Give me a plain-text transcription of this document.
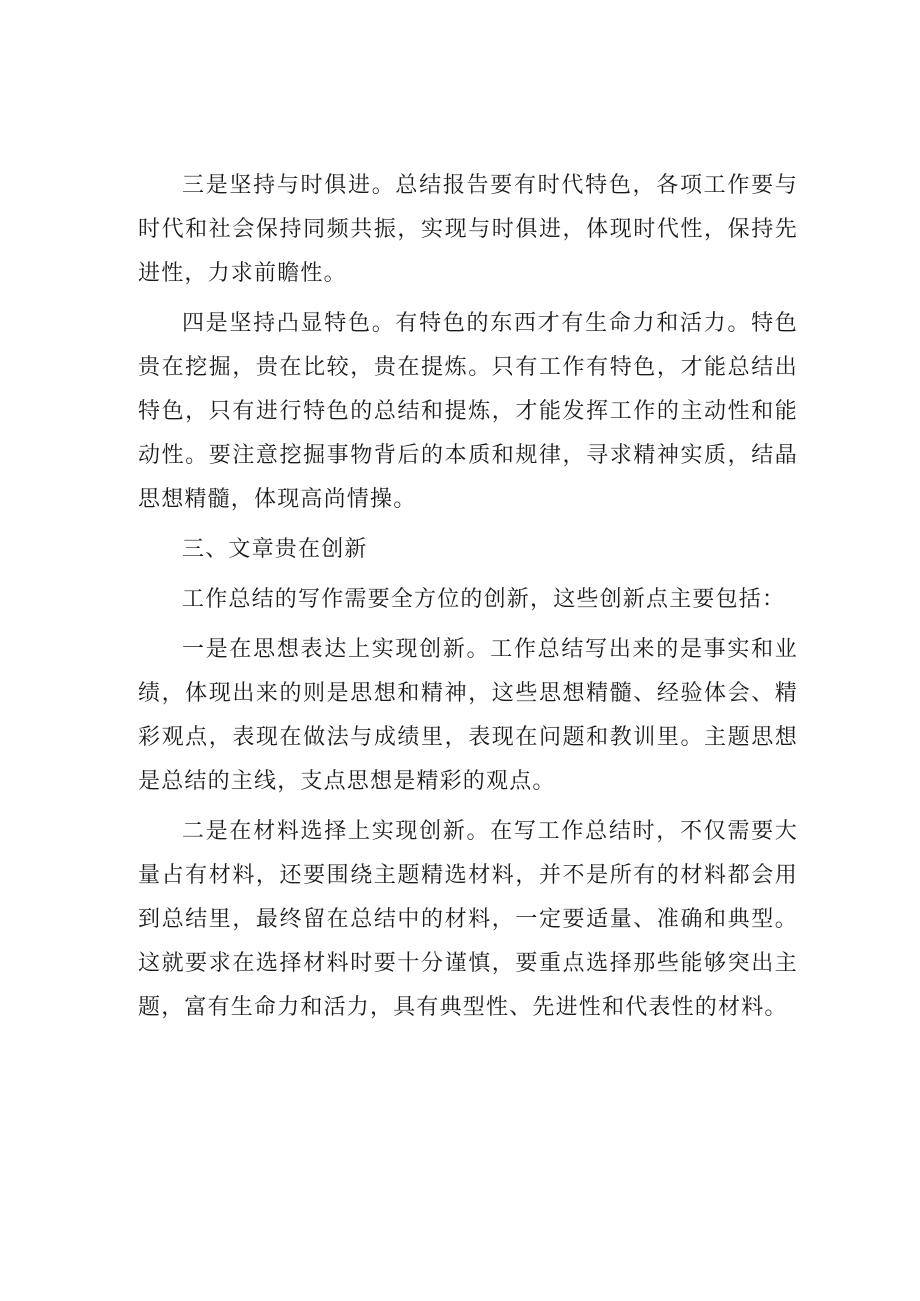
三是坚持与时俱进。总结报告要有时代特色，各项工作要与时代和社会保持同频共振，实现与时俱进，体现时代性，保持先进性，力求前瞻性。

四是坚持凸显特色。有特色的东西才有生命力和活力。特色贵在挖掘，贵在比较，贵在提炼。只有工作有特色，才能总结出特色，只有进行特色的总结和提炼，才能发挥工作的主动性和能动性。要注意挖掘事物背后的本质和规律，寻求精神实质，结晶思想精髓，体现高尚情操。

三、文章贵在创新

工作总结的写作需要全方位的创新，这些创新点主要包括：

一是在思想表达上实现创新。工作总结写出来的是事实和业绩，体现出来的则是思想和精神，这些思想精髓、经验体会、精彩观点，表现在做法与成绩里，表现在问题和教训里。主题思想是总结的主线，支点思想是精彩的观点。

二是在材料选择上实现创新。在写工作总结时，不仅需要大量占有材料，还要围绕主题精选材料，并不是所有的材料都会用到总结里，最终留在总结中的材料，一定要适量、准确和典型。这就要求在选择材料时要十分谨慎，要重点选择那些能够突出主题，富有生命力和活力，具有典型性、先进性和代表性的材料。
